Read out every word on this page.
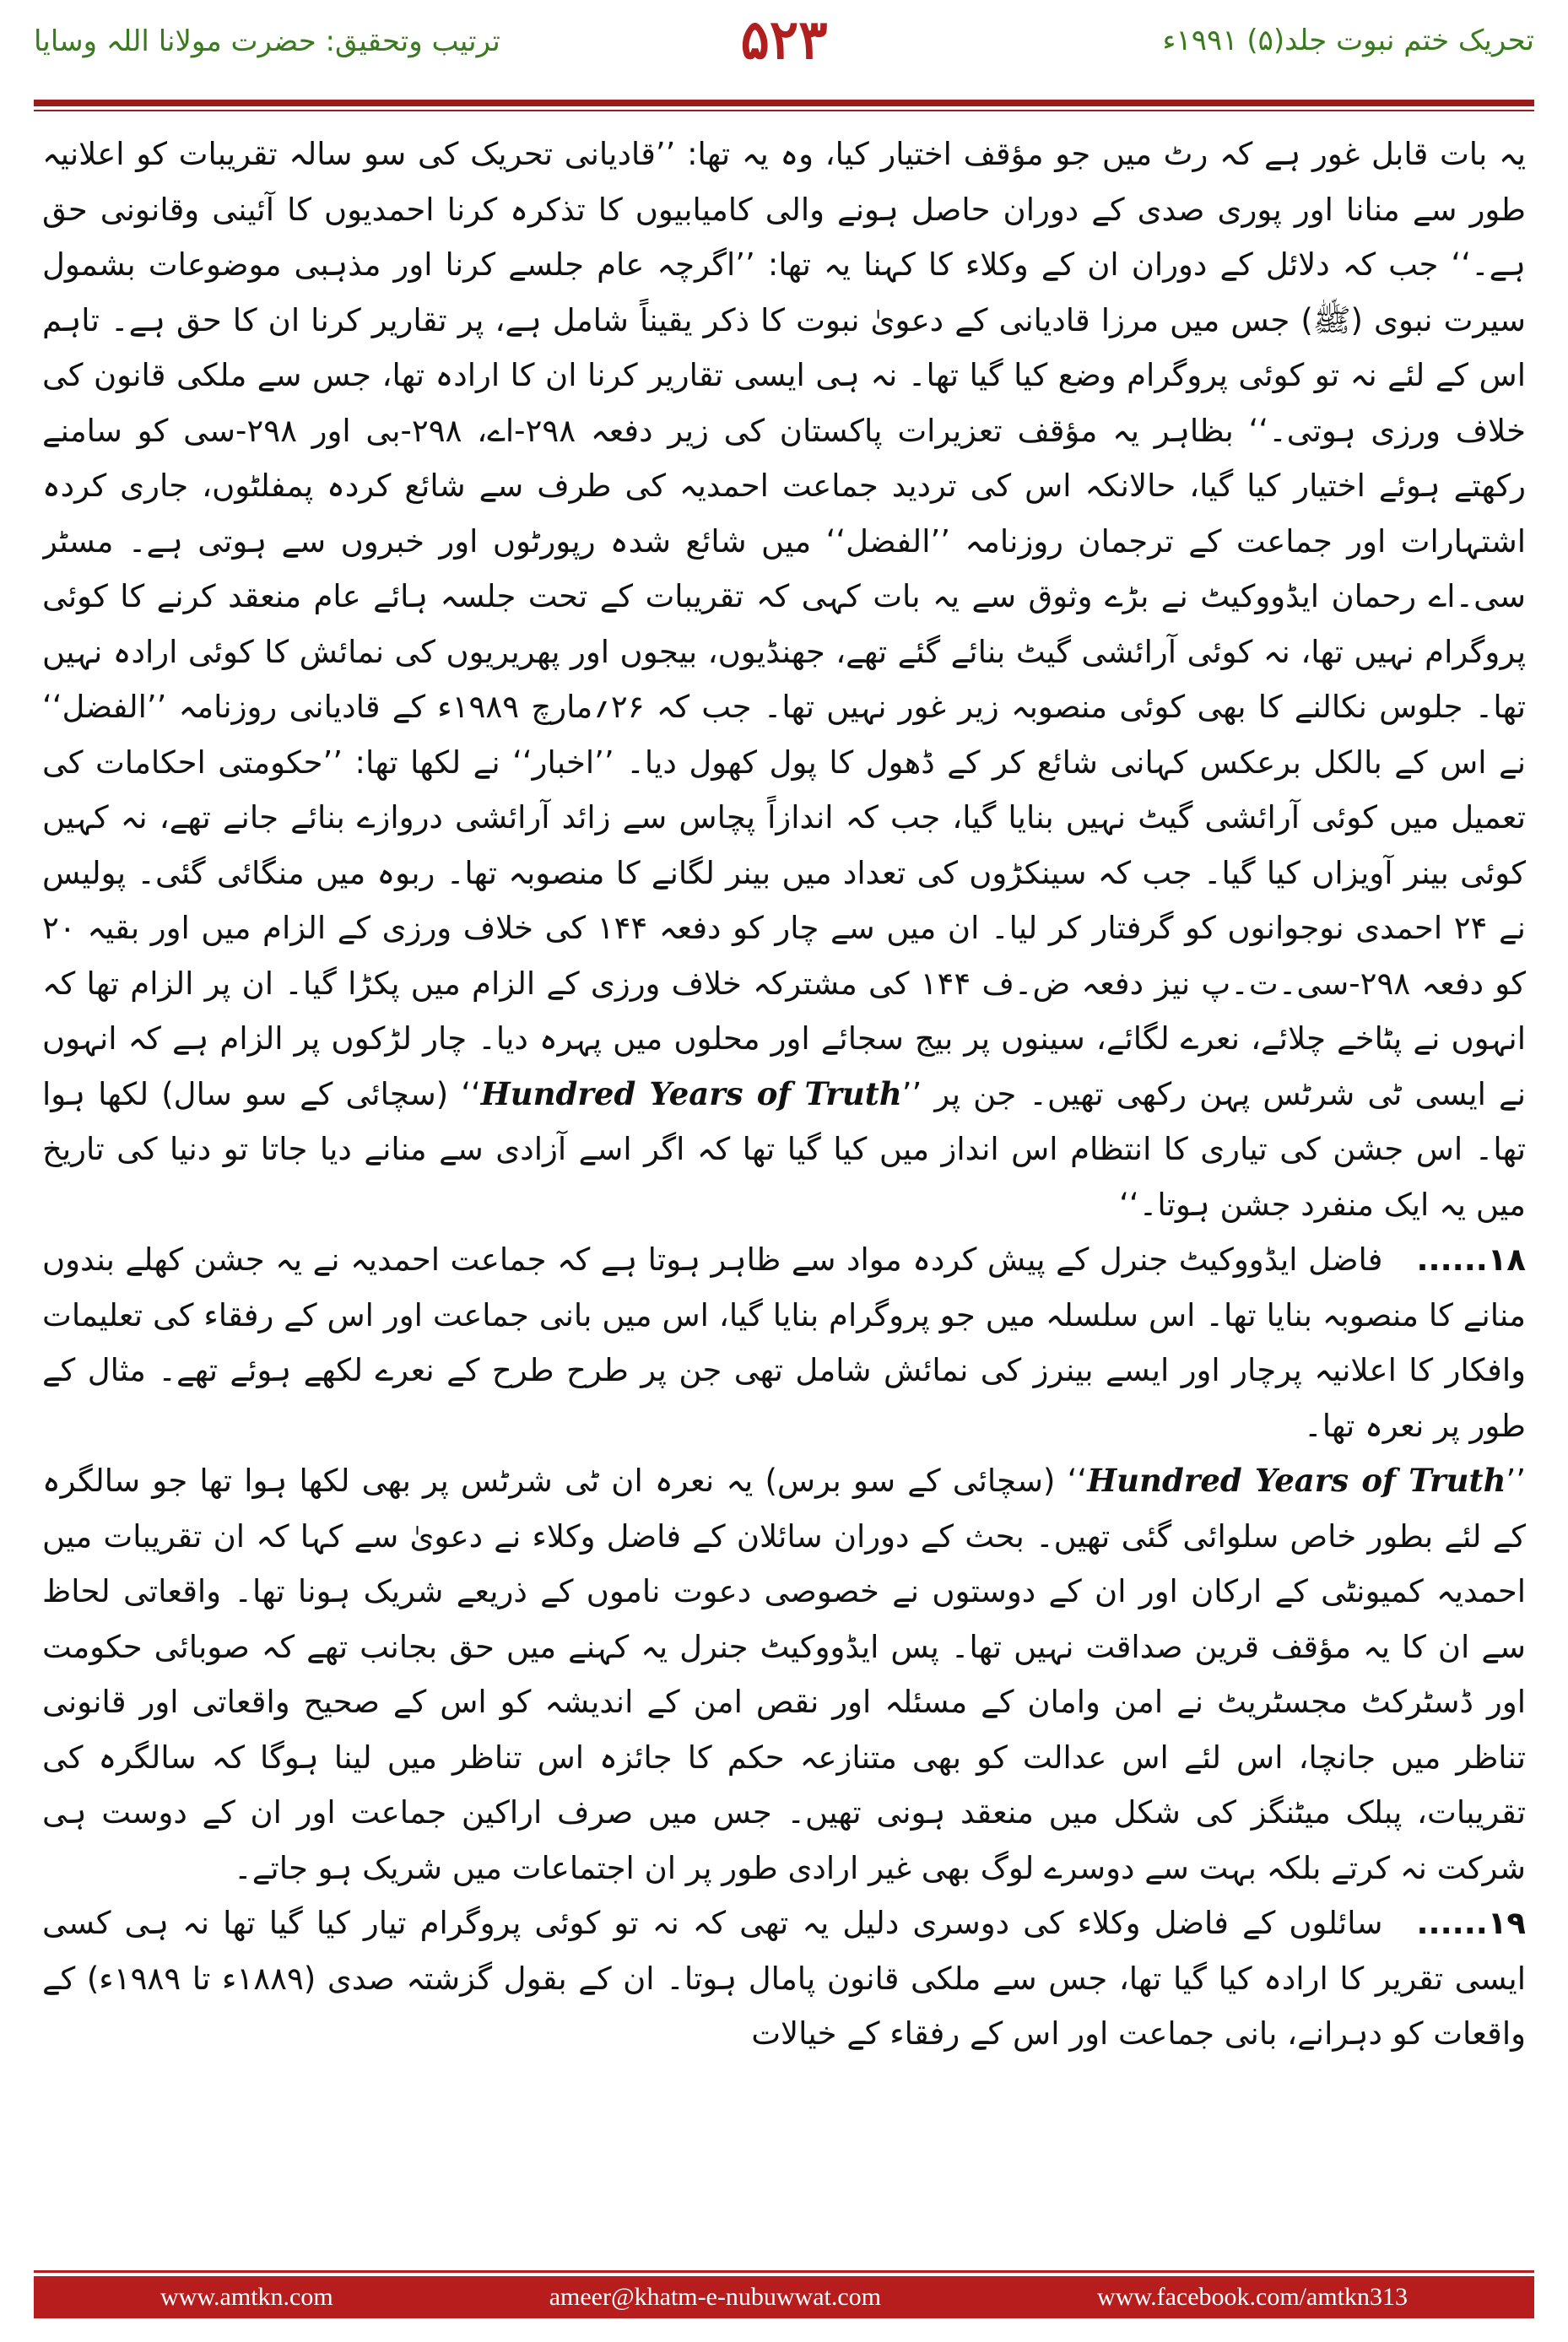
ترتیب وتحقیق: حضرت مولانا اللہ وسایا	۵۲۳	تحریک ختم نبوت جلد(۵) ۱۹۹۱ء

یہ بات قابل غور ہے کہ رٹ میں جو مؤقف اختیار کیا، وہ یہ تھا: ’’قادیانی تحریک کی سو سالہ تقریبات کو اعلانیہ طور سے منانا اور پوری صدی کے دوران حاصل ہونے والی کامیابیوں کا تذکرہ کرنا احمدیوں کا آئینی وقانونی حق ہے۔‘‘ جب کہ دلائل کے دوران ان کے وکلاء کا کہنا یہ تھا: ’’اگرچہ عام جلسے کرنا اور مذہبی موضوعات بشمول سیرت نبوی (ﷺ) جس میں مرزا قادیانی کے دعویٰ نبوت کا ذکر یقیناً شامل ہے، پر تقاریر کرنا ان کا حق ہے۔ تاہم اس کے لئے نہ تو کوئی پروگرام وضع کیا گیا تھا۔ نہ ہی ایسی تقاریر کرنا ان کا ارادہ تھا، جس سے ملکی قانون کی خلاف ورزی ہوتی۔‘‘ بظاہر یہ مؤقف تعزیرات پاکستان کی زیر دفعہ ۲۹۸-اے، ۲۹۸-بی اور ۲۹۸-سی کو سامنے رکھتے ہوئے اختیار کیا گیا، حالانکہ اس کی تردید جماعت احمدیہ کی طرف سے شائع کردہ پمفلٹوں، جاری کردہ اشتہارات اور جماعت کے ترجمان روزنامہ ’’الفضل‘‘ میں شائع شدہ رپورٹوں اور خبروں سے ہوتی ہے۔ مسٹر سی۔اے رحمان ایڈووکیٹ نے بڑے وثوق سے یہ بات کہی کہ تقریبات کے تحت جلسہ ہائے عام منعقد کرنے کا کوئی پروگرام نہیں تھا، نہ کوئی آرائشی گیٹ بنائے گئے تھے، جھنڈیوں، بیجوں اور پھریریوں کی نمائش کا کوئی ارادہ نہیں تھا۔ جلوس نکالنے کا بھی کوئی منصوبہ زیر غور نہیں تھا۔ جب کہ ۲۶؍مارچ ۱۹۸۹ء کے قادیانی روزنامہ ’’الفضل‘‘ نے اس کے بالکل برعکس کہانی شائع کر کے ڈھول کا پول کھول دیا۔ ’’اخبار‘‘ نے لکھا تھا: ’’حکومتی احکامات کی تعمیل میں کوئی آرائشی گیٹ نہیں بنایا گیا، جب کہ اندازاً پچاس سے زائد آرائشی دروازے بنائے جانے تھے، نہ کہیں کوئی بینر آویزاں کیا گیا۔ جب کہ سینکڑوں کی تعداد میں بینر لگانے کا منصوبہ تھا۔ ربوہ میں منگائی گئی۔ پولیس نے ۲۴ احمدی نوجوانوں کو گرفتار کر لیا۔ ان میں سے چار کو دفعہ ۱۴۴ کی خلاف ورزی کے الزام میں اور بقیہ ۲۰ کو دفعہ ۲۹۸-سی۔ت۔پ نیز دفعہ ض۔ف ۱۴۴ کی مشترکہ خلاف ورزی کے الزام میں پکڑا گیا۔ ان پر الزام تھا کہ انہوں نے پٹاخے چلائے، نعرے لگائے، سینوں پر بیج سجائے اور محلوں میں پہرہ دیا۔ چار لڑکوں پر الزام ہے کہ انہوں نے ایسی ٹی شرٹس پہن رکھی تھیں۔ جن پر ’’Hundred Years of Truth‘‘ (سچائی کے سو سال) لکھا ہوا تھا۔ اس جشن کی تیاری کا انتظام اس انداز میں کیا گیا تھا کہ اگر اسے آزادی سے منانے دیا جاتا تو دنیا کی تاریخ میں یہ ایک منفرد جشن ہوتا۔‘‘

۱۸......فاضل ایڈووکیٹ جنرل کے پیش کردہ مواد سے ظاہر ہوتا ہے کہ جماعت احمدیہ نے یہ جشن کھلے بندوں منانے کا منصوبہ بنایا تھا۔ اس سلسلہ میں جو پروگرام بنایا گیا، اس میں بانی جماعت اور اس کے رفقاء کی تعلیمات وافکار کا اعلانیہ پرچار اور ایسے بینرز کی نمائش شامل تھی جن پر طرح طرح کے نعرے لکھے ہوئے تھے۔ مثال کے طور پر نعرہ تھا۔

’’Hundred Years of Truth‘‘ (سچائی کے سو برس) یہ نعرہ ان ٹی شرٹس پر بھی لکھا ہوا تھا جو سالگرہ کے لئے بطور خاص سلوائی گئی تھیں۔ بحث کے دوران سائلان کے فاضل وکلاء نے دعویٰ سے کہا کہ ان تقریبات میں احمدیہ کمیونٹی کے ارکان اور ان کے دوستوں نے خصوصی دعوت ناموں کے ذریعے شریک ہونا تھا۔ واقعاتی لحاظ سے ان کا یہ مؤقف قرین صداقت نہیں تھا۔ پس ایڈووکیٹ جنرل یہ کہنے میں حق بجانب تھے کہ صوبائی حکومت اور ڈسٹرکٹ مجسٹریٹ نے امن وامان کے مسئلہ اور نقص امن کے اندیشہ کو اس کے صحیح واقعاتی اور قانونی تناظر میں جانچا، اس لئے اس عدالت کو بھی متنازعہ حکم کا جائزہ اس تناظر میں لینا ہوگا کہ سالگرہ کی تقریبات، پبلک میٹنگز کی شکل میں منعقد ہونی تھیں۔ جس میں صرف اراکین جماعت اور ان کے دوست ہی شرکت نہ کرتے بلکہ بہت سے دوسرے لوگ بھی غیر ارادی طور پر ان اجتماعات میں شریک ہو جاتے۔

۱۹......سائلوں کے فاضل وکلاء کی دوسری دلیل یہ تھی کہ نہ تو کوئی پروگرام تیار کیا گیا تھا نہ ہی کسی ایسی تقریر کا ارادہ کیا گیا تھا، جس سے ملکی قانون پامال ہوتا۔ ان کے بقول گزشتہ صدی (۱۸۸۹ء تا ۱۹۸۹ء) کے واقعات کو دہرانے، بانی جماعت اور اس کے رفقاء کے خیالات

www.amtkn.com	ameer@khatm-e-nubuwwat.com	www.facebook.com/amtkn313
